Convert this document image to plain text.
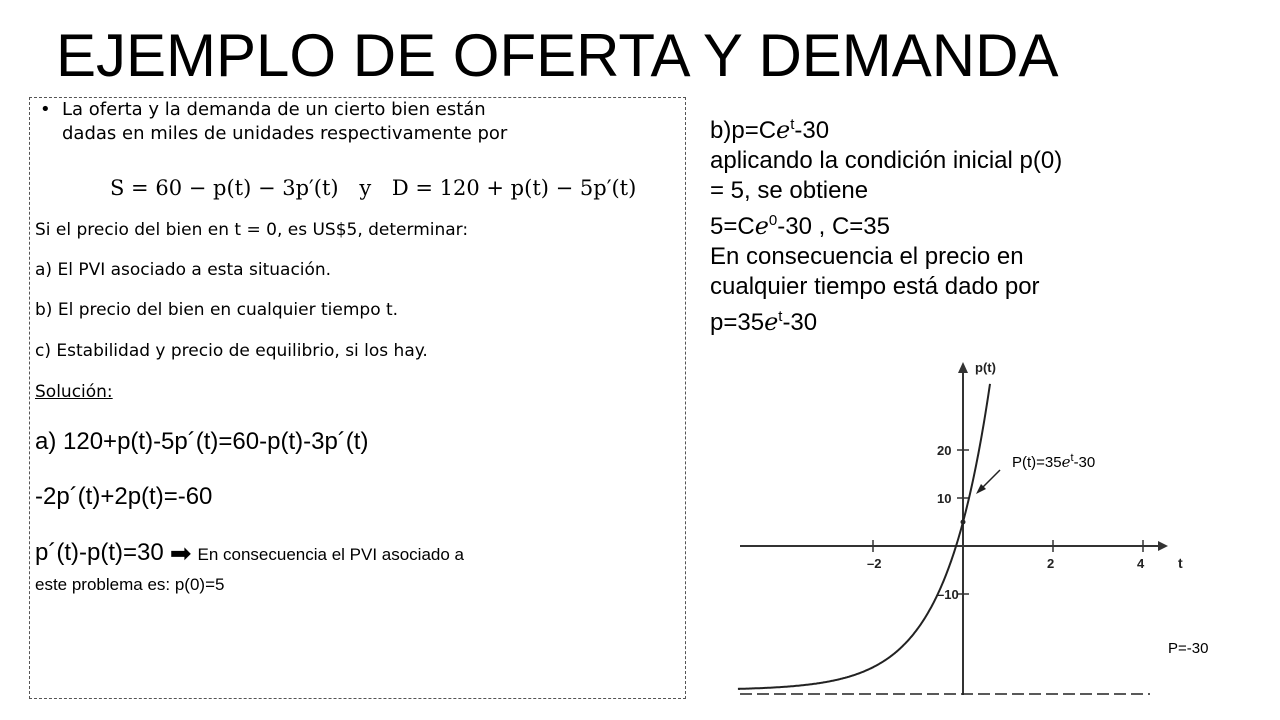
EJEMPLO DE OFERTA Y DEMANDA
• La oferta y la demanda de un cierto bien están
dadas en miles de unidades respectivamente por
S = 60 − p(t) − 3p′(t) y D = 120 + p(t) − 5p′(t)
Si el precio del bien en t = 0, es US$5, determinar:
a) El PVI asociado a esta situación.
b) El precio del bien en cualquier tiempo t.
c) Estabilidad y precio de equilibrio, si los hay.
Solución:
a) 120+p(t)-5p´(t)=60-p(t)-3p´(t)
-2p´(t)+2p(t)=-60
p´(t)-p(t)=30 ➡ En consecuencia el PVI asociado a
este problema es: p(0)=5
$b)p=Ce^t-30$
aplicando la condición inicial p(0)
= 5, se obtiene
$5=Ce^0-30$ , C=35
En consecuencia el precio en
cualquier tiempo está dado por
$p=35e^t-30$
t
p(t)
–2	2	4
20
10
–10
$P(t)=35e^t-30$
P=-30
